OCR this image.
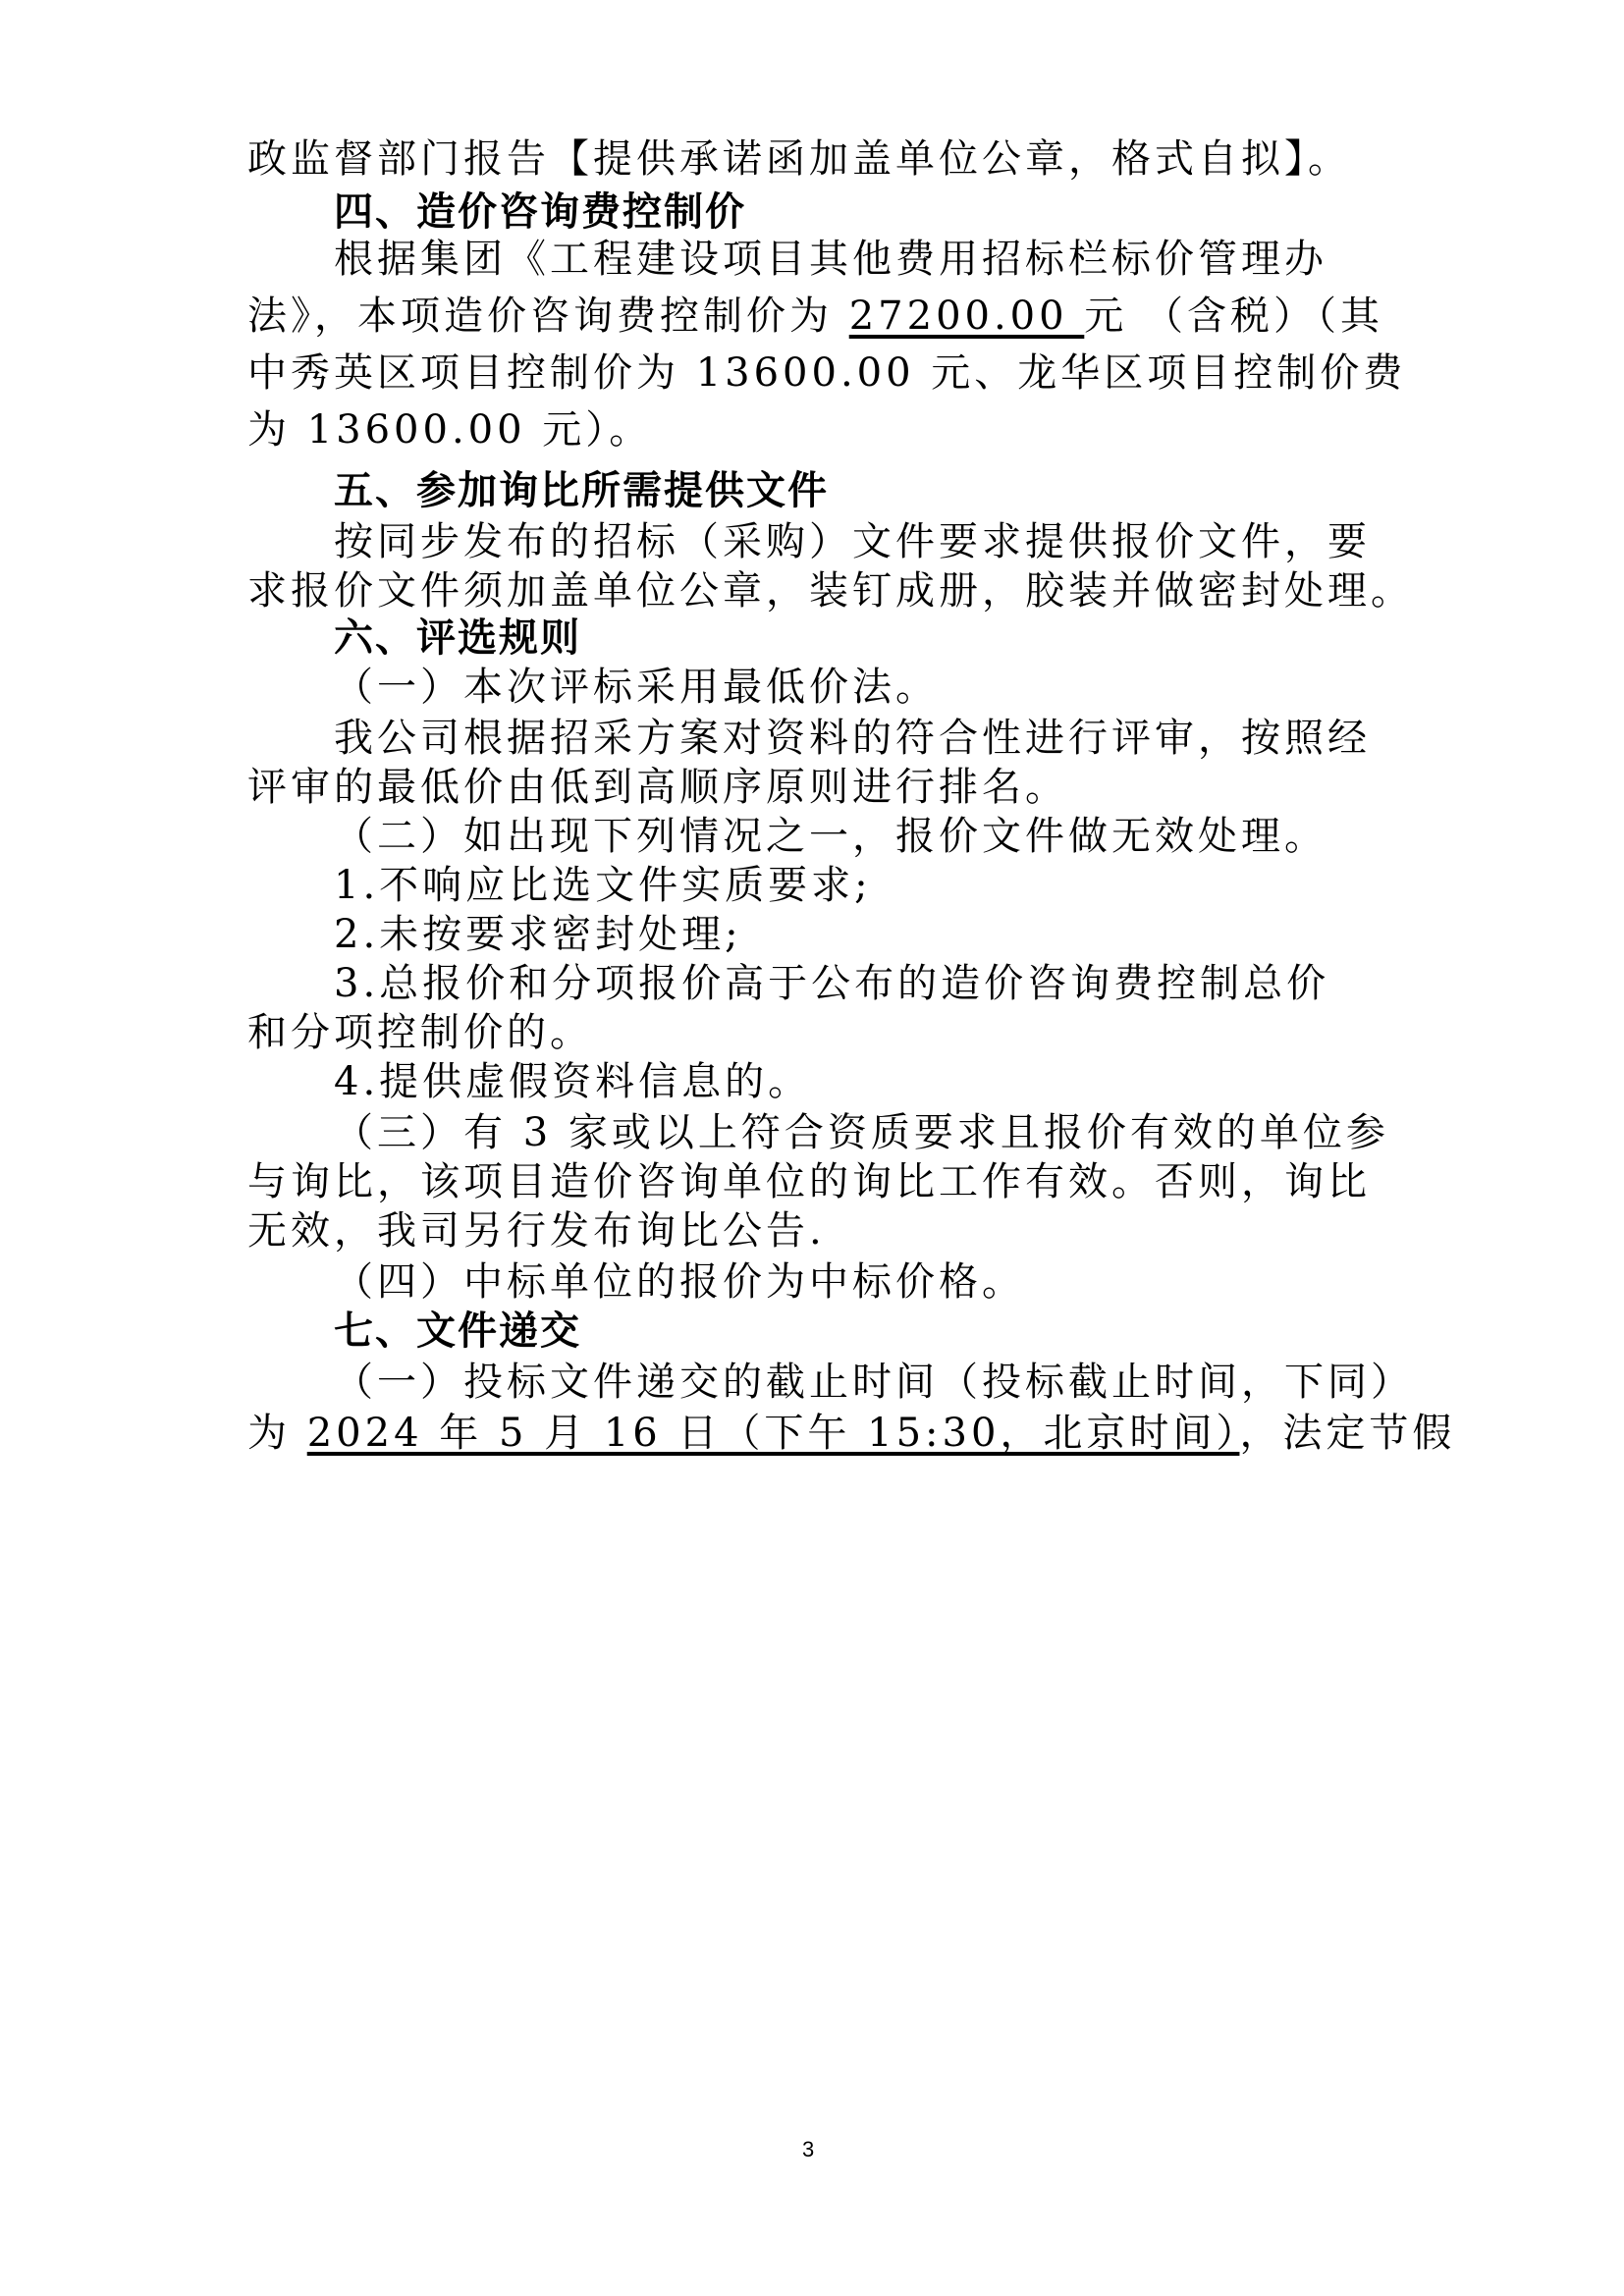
政监督部门报告【提供承诺函加盖单位公章，格式自拟】。
四、造价咨询费控制价
根据集团《工程建设项目其他费用招标栏标价管理办
法》，本项造价咨询费控制价为 27200.00 元 （含税）（其
中秀英区项目控制价为 13600.00 元、龙华区项目控制价费
为 13600.00 元）。
五、参加询比所需提供文件
按同步发布的招标（采购）文件要求提供报价文件，要
求报价文件须加盖单位公章，装钉成册，胶装并做密封处理。
六、评选规则
（一）本次评标采用最低价法。
我公司根据招采方案对资料的符合性进行评审，按照经
评审的最低价由低到高顺序原则进行排名。
（二）如出现下列情况之一，报价文件做无效处理。
1.不响应比选文件实质要求;
2.未按要求密封处理;
3.总报价和分项报价高于公布的造价咨询费控制总价
和分项控制价的。
4.提供虚假资料信息的。
（三）有 3 家或以上符合资质要求且报价有效的单位参
与询比，该项目造价咨询单位的询比工作有效。否则，询比
无效，我司另行发布询比公告.
（四）中标单位的报价为中标价格。
七、文件递交
（一）投标文件递交的截止时间（投标截止时间，下同）
为 2024 年 5 月 16 日（下午 15:30，北京时间），法定节假
3
